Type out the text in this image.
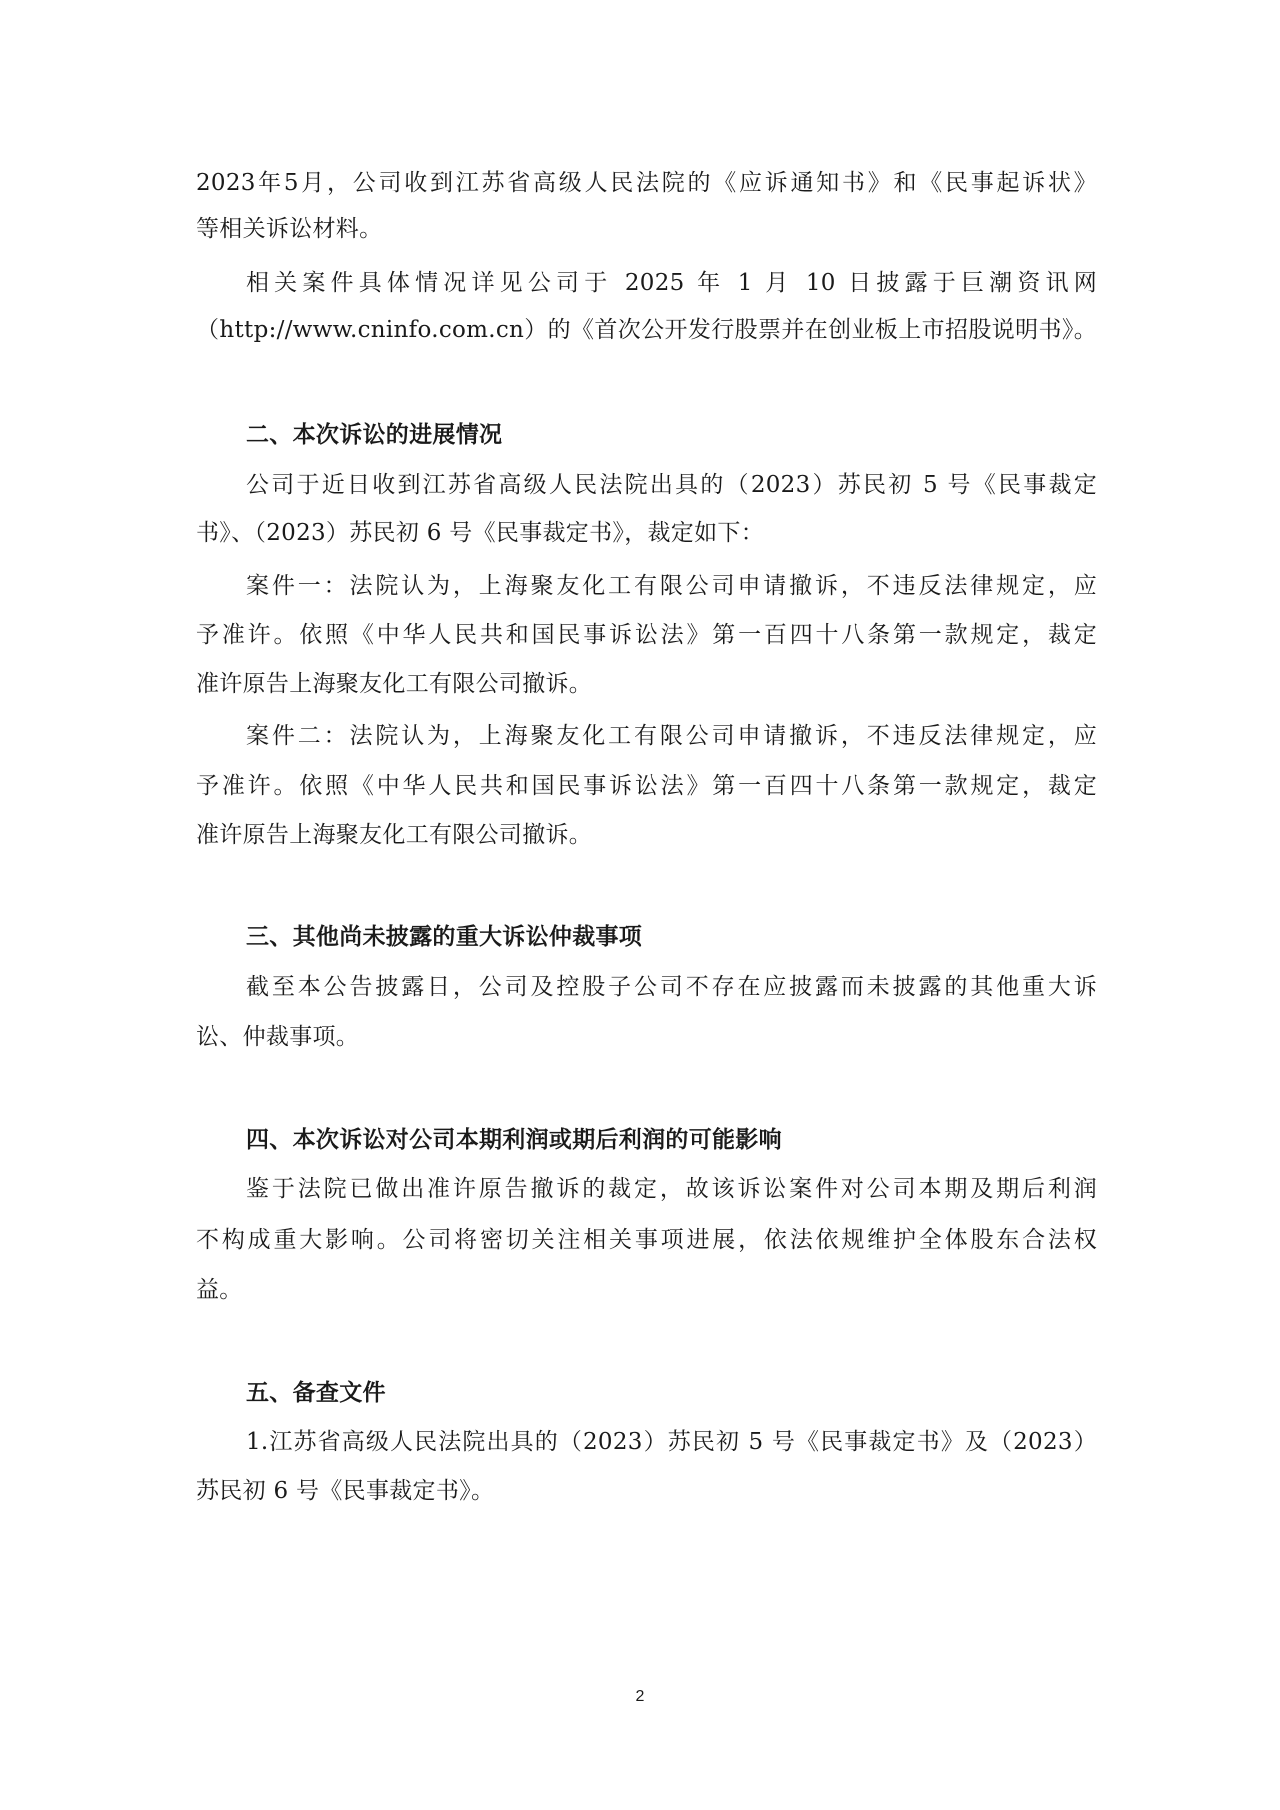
2023年5月，公司收到江苏省高级人民法院的《应诉通知书》和《民事起诉状》
等相关诉讼材料。
相关案件具体情况详见公司于 2025 年 1 月 10 日披露于巨潮资讯网
（http://www.cninfo.com.cn）的《首次公开发行股票并在创业板上市招股说明书》。
二、本次诉讼的进展情况
公司于近日收到江苏省高级人民法院出具的（2023）苏民初 5 号《民事裁定
书》、（2023）苏民初 6 号《民事裁定书》，裁定如下：
案件一：法院认为，上海聚友化工有限公司申请撤诉，不违反法律规定，应
予准许。依照《中华人民共和国民事诉讼法》第一百四十八条第一款规定，裁定
准许原告上海聚友化工有限公司撤诉。
案件二：法院认为，上海聚友化工有限公司申请撤诉，不违反法律规定，应
予准许。依照《中华人民共和国民事诉讼法》第一百四十八条第一款规定，裁定
准许原告上海聚友化工有限公司撤诉。
三、其他尚未披露的重大诉讼仲裁事项
截至本公告披露日，公司及控股子公司不存在应披露而未披露的其他重大诉
讼、仲裁事项。
四、本次诉讼对公司本期利润或期后利润的可能影响
鉴于法院已做出准许原告撤诉的裁定，故该诉讼案件对公司本期及期后利润
不构成重大影响。公司将密切关注相关事项进展，依法依规维护全体股东合法权
益。
五、备查文件
1.江苏省高级人民法院出具的（2023）苏民初 5 号《民事裁定书》及（2023）
苏民初 6 号《民事裁定书》。
2
